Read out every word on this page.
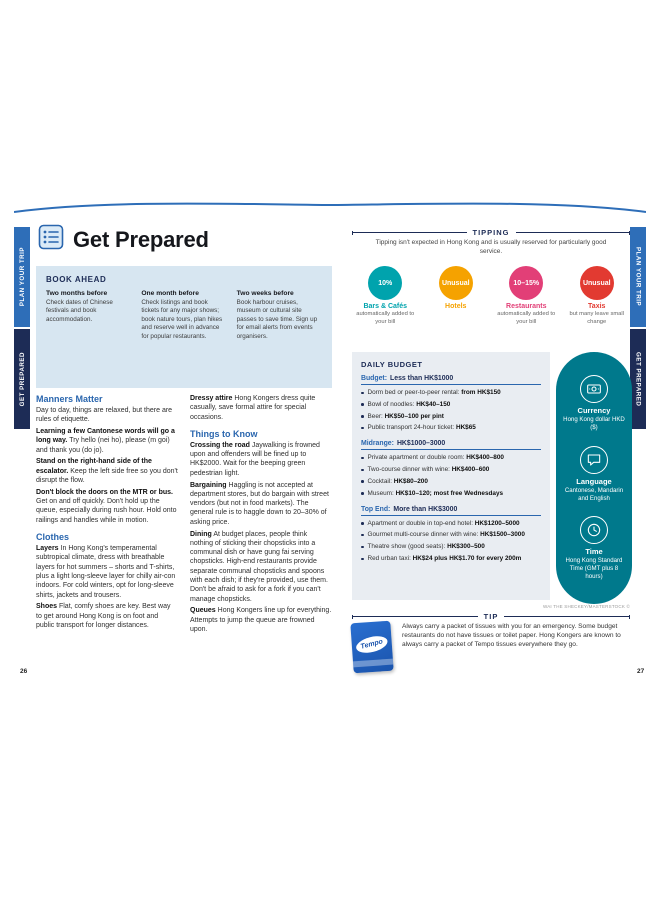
PLAN YOUR TRIP
GET PREPARED
PLAN YOUR TRIP
GET PREPARED
Get Prepared
BOOK AHEAD
Two months before
Check dates of Chinese festivals and book accommodation.
One month before
Check listings and book tickets for any major shows; book nature tours, plan hikes and reserve well in advance for popular restaurants.
Two weeks before
Book harbour cruises, museum or cultural site passes to save time. Sign up for email alerts from events organisers.
Manners Matter

Day to day, things are relaxed, but there are rules of etiquette.

Learning a few Cantonese words will go a long way. Try hello (nei ho), please (m goi) and thank you (do jo).

Stand on the right-hand side of the escalator. Keep the left side free so you don't disrupt the flow.

Don't block the doors on the MTR or bus. Get on and off quickly. Don't hold up the queue, especially during rush hour. Hold onto railings and handles while in motion.

Clothes

Layers In Hong Kong's temperamental subtropical climate, dress with breathable layers for hot summers – shorts and T-shirts, plus a light long-sleeve layer for chilly air-con indoors. For cold winters, opt for long-sleeve shirts, jackets and trousers.

Shoes Flat, comfy shoes are key. Best way to get around Hong Kong is on foot and public transport for longer distances.

Dressy attire Hong Kongers dress quite casually, save formal attire for special occasions.

Things to Know

Crossing the road Jaywalking is frowned upon and offenders will be fined up to HK$2000. Wait for the beeping green pedestrian light.

Bargaining Haggling is not accepted at department stores, but do bargain with street vendors (but not in food markets). The general rule is to haggle down to 20–30% of asking price.

Dining At budget places, people think nothing of sticking their chopsticks into a communal dish or have gung fai serving chopsticks. High-end restaurants provide separate communal chopsticks and spoons with each dish; if they're provided, use them. Don't be afraid to ask for a fork if you can't manage chopsticks.

Queues Hong Kongers line up for everything. Attempts to jump the queue are frowned upon.

26	27
TIPPING
Tipping isn't expected in Hong Kong and is usually reserved for particularly good service.
10%
Bars & Cafés
automatically added to your bill
Unusual
Hotels
10–15%
Restaurants
automatically added to your bill
Unusual
Taxis
but many leave small change
DAILY BUDGET
Budget: Less than HK$1000
Dorm bed or peer-to-peer rental: from HK$150
Bowl of noodles: HK$40–150
Beer: HK$50–100 per pint
Public transport 24-hour ticket: HK$65
Midrange: HK$1000–3000
Private apartment or double room: HK$400–800
Two-course dinner with wine: HK$400–600
Cocktail: HK$80–200
Museum: HK$10–120; most free Wednesdays
Top End: More than HK$3000
Apartment or double in top-end hotel: HK$1200–5000
Gourmet multi-course dinner with wine: HK$1500–3000
Theatre show (good seats): HK$300–500
Red urban taxi: HK$24 plus HK$1.70 for every 200m
Currency
Hong Kong dollar HKD ($)
Language
Cantonese, Mandarin and English
Time
Hong Kong Standard Time (GMT plus 8 hours)
WAI THE SHECKEY/MASTERSTOCK ©
TIP
Tempo
Always carry a packet of tissues with you for an emergency. Some budget restaurants do not have tissues or toilet paper. Hong Kongers are known to always carry a packet of Tempo tissues everywhere they go.
